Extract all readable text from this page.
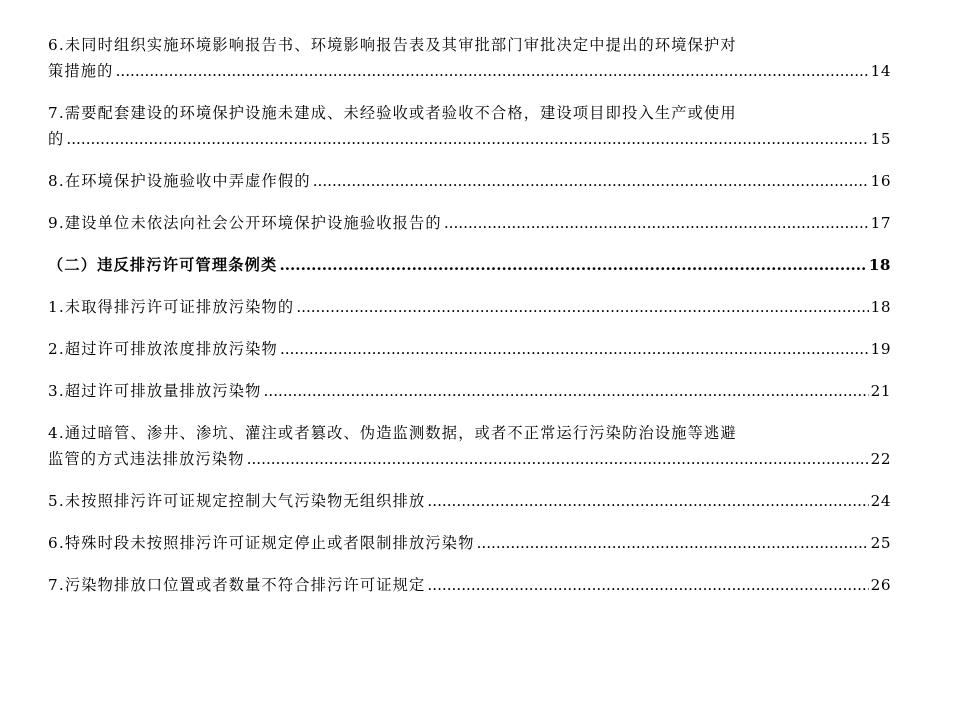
6.未同时组织实施环境影响报告书、环境影响报告表及其审批部门审批决定中提出的环境保护对
策措施的 .....	14
7.需要配套建设的环境保护设施未建成、未经验收或者验收不合格，建设项目即投入生产或使用
的 .....	15
8.在环境保护设施验收中弄虚作假的 .....	16
9.建设单位未依法向社会公开环境保护设施验收报告的 .....	17
（二）违反排污许可管理条例类 .....	18
1.未取得排污许可证排放污染物的 .....	18
2.超过许可排放浓度排放污染物 .....	19
3.超过许可排放量排放污染物 .....	21
4.通过暗管、渗井、渗坑、灌注或者篡改、伪造监测数据，或者不正常运行污染防治设施等逃避
监管的方式违法排放污染物 .....	22
5.未按照排污许可证规定控制大气污染物无组织排放 .....	24
6.特殊时段未按照排污许可证规定停止或者限制排放污染物 .....	25
7.污染物排放口位置或者数量不符合排污许可证规定 .....	26
